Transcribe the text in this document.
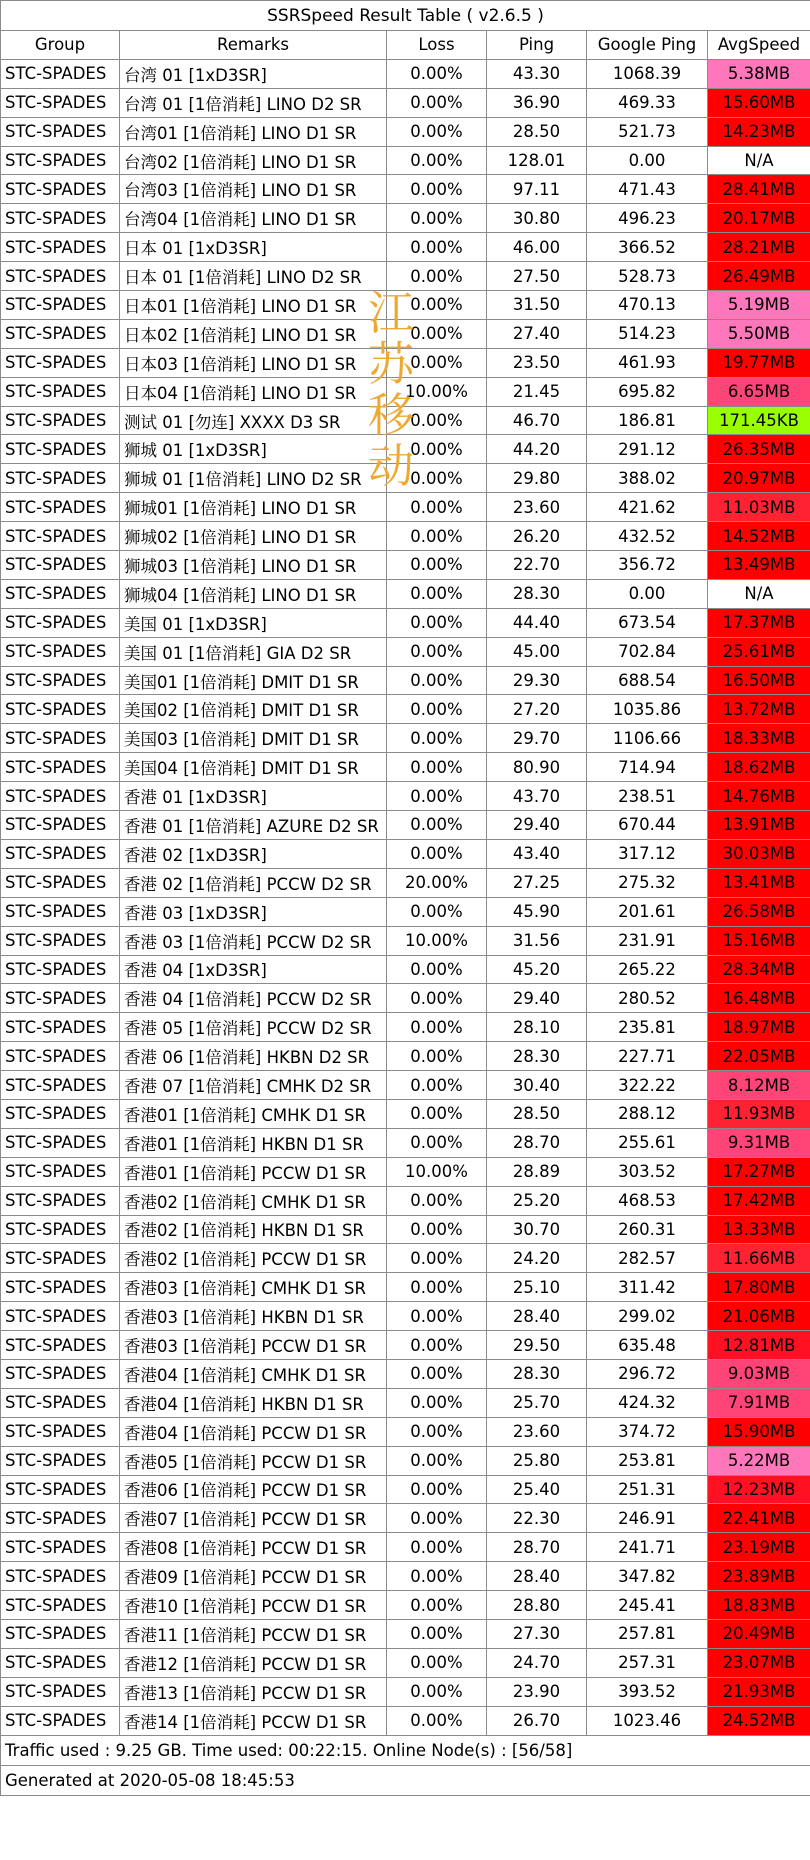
SSRSpeed Result Table ( v2.6.5 )					
Group	Remarks	Loss	Ping	Google Ping	AvgSpeed
STC-SPADES	台湾 01 [1xD3SR]	0.00%	43.30	1068.39	5.38MB
STC-SPADES	台湾 01 [1倍消耗] LINO D2 SR	0.00%	36.90	469.33	15.60MB
STC-SPADES	台湾01 [1倍消耗] LINO D1 SR	0.00%	28.50	521.73	14.23MB
STC-SPADES	台湾02 [1倍消耗] LINO D1 SR	0.00%	128.01	0.00	N/A
STC-SPADES	台湾03 [1倍消耗] LINO D1 SR	0.00%	97.11	471.43	28.41MB
STC-SPADES	台湾04 [1倍消耗] LINO D1 SR	0.00%	30.80	496.23	20.17MB
STC-SPADES	日本 01 [1xD3SR]	0.00%	46.00	366.52	28.21MB
STC-SPADES	日本 01 [1倍消耗] LINO D2 SR	0.00%	27.50	528.73	26.49MB
STC-SPADES	日本01 [1倍消耗] LINO D1 SR	0.00%	31.50	470.13	5.19MB
STC-SPADES	日本02 [1倍消耗] LINO D1 SR	0.00%	27.40	514.23	5.50MB
STC-SPADES	日本03 [1倍消耗] LINO D1 SR	0.00%	23.50	461.93	19.77MB
STC-SPADES	日本04 [1倍消耗] LINO D1 SR	10.00%	21.45	695.82	6.65MB
STC-SPADES	测试 01 [勿连] XXXX D3 SR	0.00%	46.70	186.81	171.45KB
STC-SPADES	狮城 01 [1xD3SR]	0.00%	44.20	291.12	26.35MB
STC-SPADES	狮城 01 [1倍消耗] LINO D2 SR	0.00%	29.80	388.02	20.97MB
STC-SPADES	狮城01 [1倍消耗] LINO D1 SR	0.00%	23.60	421.62	11.03MB
STC-SPADES	狮城02 [1倍消耗] LINO D1 SR	0.00%	26.20	432.52	14.52MB
STC-SPADES	狮城03 [1倍消耗] LINO D1 SR	0.00%	22.70	356.72	13.49MB
STC-SPADES	狮城04 [1倍消耗] LINO D1 SR	0.00%	28.30	0.00	N/A
STC-SPADES	美国 01 [1xD3SR]	0.00%	44.40	673.54	17.37MB
STC-SPADES	美国 01 [1倍消耗] GIA D2 SR	0.00%	45.00	702.84	25.61MB
STC-SPADES	美国01 [1倍消耗] DMIT D1 SR	0.00%	29.30	688.54	16.50MB
STC-SPADES	美国02 [1倍消耗] DMIT D1 SR	0.00%	27.20	1035.86	13.72MB
STC-SPADES	美国03 [1倍消耗] DMIT D1 SR	0.00%	29.70	1106.66	18.33MB
STC-SPADES	美国04 [1倍消耗] DMIT D1 SR	0.00%	80.90	714.94	18.62MB
STC-SPADES	香港 01 [1xD3SR]	0.00%	43.70	238.51	14.76MB
STC-SPADES	香港 01 [1倍消耗] AZURE D2 SR	0.00%	29.40	670.44	13.91MB
STC-SPADES	香港 02 [1xD3SR]	0.00%	43.40	317.12	30.03MB
STC-SPADES	香港 02 [1倍消耗] PCCW D2 SR	20.00%	27.25	275.32	13.41MB
STC-SPADES	香港 03 [1xD3SR]	0.00%	45.90	201.61	26.58MB
STC-SPADES	香港 03 [1倍消耗] PCCW D2 SR	10.00%	31.56	231.91	15.16MB
STC-SPADES	香港 04 [1xD3SR]	0.00%	45.20	265.22	28.34MB
STC-SPADES	香港 04 [1倍消耗] PCCW D2 SR	0.00%	29.40	280.52	16.48MB
STC-SPADES	香港 05 [1倍消耗] PCCW D2 SR	0.00%	28.10	235.81	18.97MB
STC-SPADES	香港 06 [1倍消耗] HKBN D2 SR	0.00%	28.30	227.71	22.05MB
STC-SPADES	香港 07 [1倍消耗] CMHK D2 SR	0.00%	30.40	322.22	8.12MB
STC-SPADES	香港01 [1倍消耗] CMHK D1 SR	0.00%	28.50	288.12	11.93MB
STC-SPADES	香港01 [1倍消耗] HKBN D1 SR	0.00%	28.70	255.61	9.31MB
STC-SPADES	香港01 [1倍消耗] PCCW D1 SR	10.00%	28.89	303.52	17.27MB
STC-SPADES	香港02 [1倍消耗] CMHK D1 SR	0.00%	25.20	468.53	17.42MB
STC-SPADES	香港02 [1倍消耗] HKBN D1 SR	0.00%	30.70	260.31	13.33MB
STC-SPADES	香港02 [1倍消耗] PCCW D1 SR	0.00%	24.20	282.57	11.66MB
STC-SPADES	香港03 [1倍消耗] CMHK D1 SR	0.00%	25.10	311.42	17.80MB
STC-SPADES	香港03 [1倍消耗] HKBN D1 SR	0.00%	28.40	299.02	21.06MB
STC-SPADES	香港03 [1倍消耗] PCCW D1 SR	0.00%	29.50	635.48	12.81MB
STC-SPADES	香港04 [1倍消耗] CMHK D1 SR	0.00%	28.30	296.72	9.03MB
STC-SPADES	香港04 [1倍消耗] HKBN D1 SR	0.00%	25.70	424.32	7.91MB
STC-SPADES	香港04 [1倍消耗] PCCW D1 SR	0.00%	23.60	374.72	15.90MB
STC-SPADES	香港05 [1倍消耗] PCCW D1 SR	0.00%	25.80	253.81	5.22MB
STC-SPADES	香港06 [1倍消耗] PCCW D1 SR	0.00%	25.40	251.31	12.23MB
STC-SPADES	香港07 [1倍消耗] PCCW D1 SR	0.00%	22.30	246.91	22.41MB
STC-SPADES	香港08 [1倍消耗] PCCW D1 SR	0.00%	28.70	241.71	23.19MB
STC-SPADES	香港09 [1倍消耗] PCCW D1 SR	0.00%	28.40	347.82	23.89MB
STC-SPADES	香港10 [1倍消耗] PCCW D1 SR	0.00%	28.80	245.41	18.83MB
STC-SPADES	香港11 [1倍消耗] PCCW D1 SR	0.00%	27.30	257.81	20.49MB
STC-SPADES	香港12 [1倍消耗] PCCW D1 SR	0.00%	24.70	257.31	23.07MB
STC-SPADES	香港13 [1倍消耗] PCCW D1 SR	0.00%	23.90	393.52	21.93MB
STC-SPADES	香港14 [1倍消耗] PCCW D1 SR	0.00%	26.70	1023.46	24.52MB
Traffic used : 9.25 GB. Time used: 00:22:15. Online Node(s) : [56/58]					
Generated at 2020-05-08 18:45:53					
江
苏
移
动
